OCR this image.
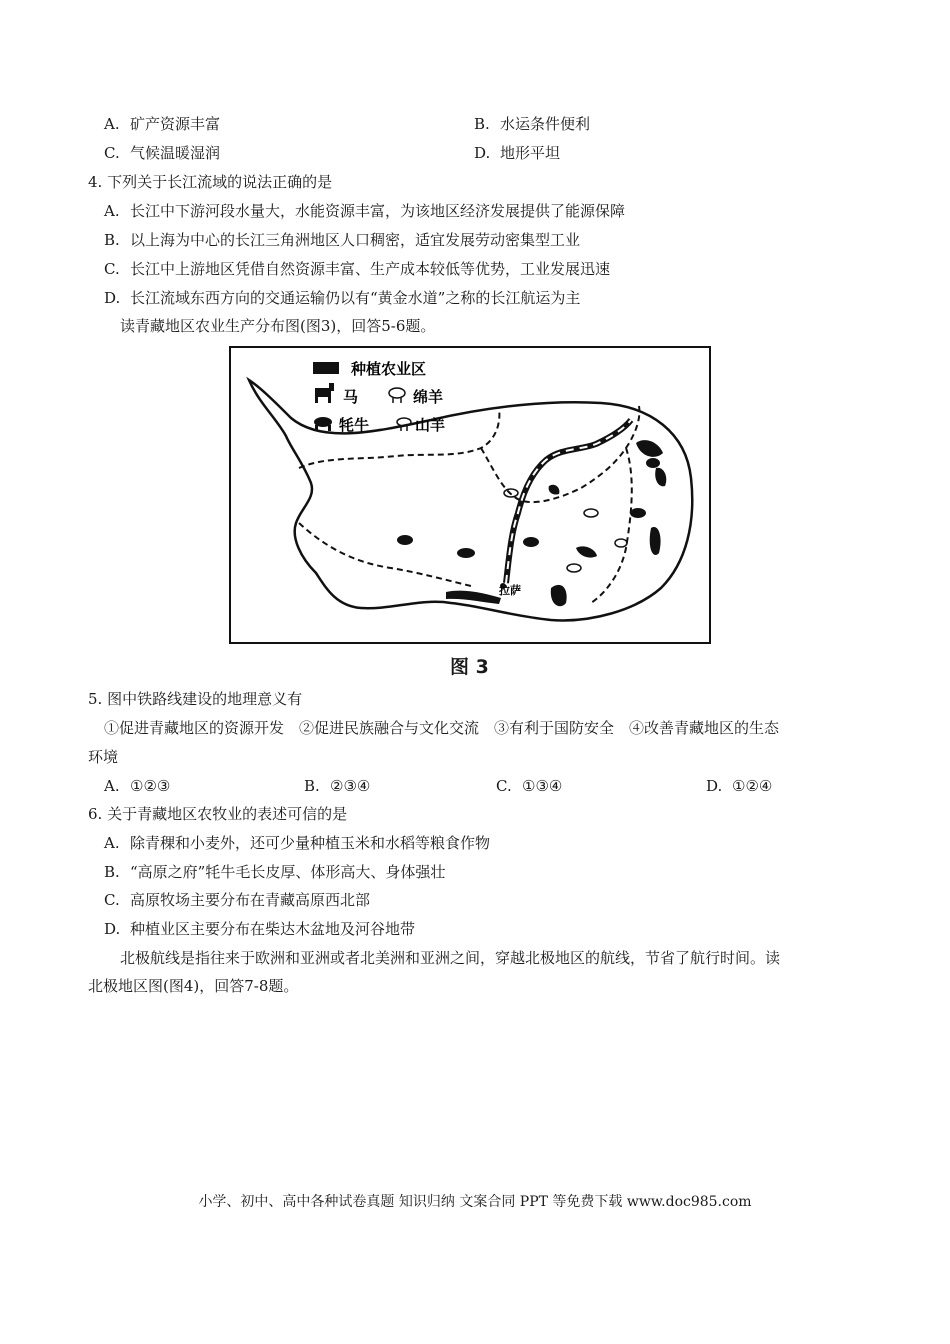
A. 矿产资源丰富	B. 水运条件便利
C. 气候温暖湿润	D. 地形平坦
4. 下列关于长江流域的说法正确的是
A. 长江中下游河段水量大，水能资源丰富，为该地区经济发展提供了能源保障
B. 以上海为中心的长江三角洲地区人口稠密，适宜发展劳动密集型工业
C. 长江中上游地区凭借自然资源丰富、生产成本较低等优势，工业发展迅速
D. 长江流域东西方向的交通运输仍以有“黄金水道”之称的长江航运为主
读青藏地区农业生产分布图(图3)，回答5-6题。
种植农业区
马	绵羊
牦牛	山羊
拉萨
图 3
5. 图中铁路线建设的地理意义有
①促进青藏地区的资源开发　②促进民族融合与文化交流　③有利于国防安全　④改善青藏地区的生态
环境
A. ①②③	B. ②③④	C. ①③④	D. ①②④
6. 关于青藏地区农牧业的表述可信的是
A. 除青稞和小麦外，还可少量种植玉米和水稻等粮食作物
B. “高原之府”牦牛毛长皮厚、体形高大、身体强壮
C. 高原牧场主要分布在青藏高原西北部
D. 种植业区主要分布在柴达木盆地及河谷地带
北极航线是指往来于欧洲和亚洲或者北美洲和亚洲之间，穿越北极地区的航线，节省了航行时间。读
北极地区图(图4)，回答7-8题。
小学、初中、高中各种试卷真题 知识归纳 文案合同 PPT 等免费下载 www.doc985.com
